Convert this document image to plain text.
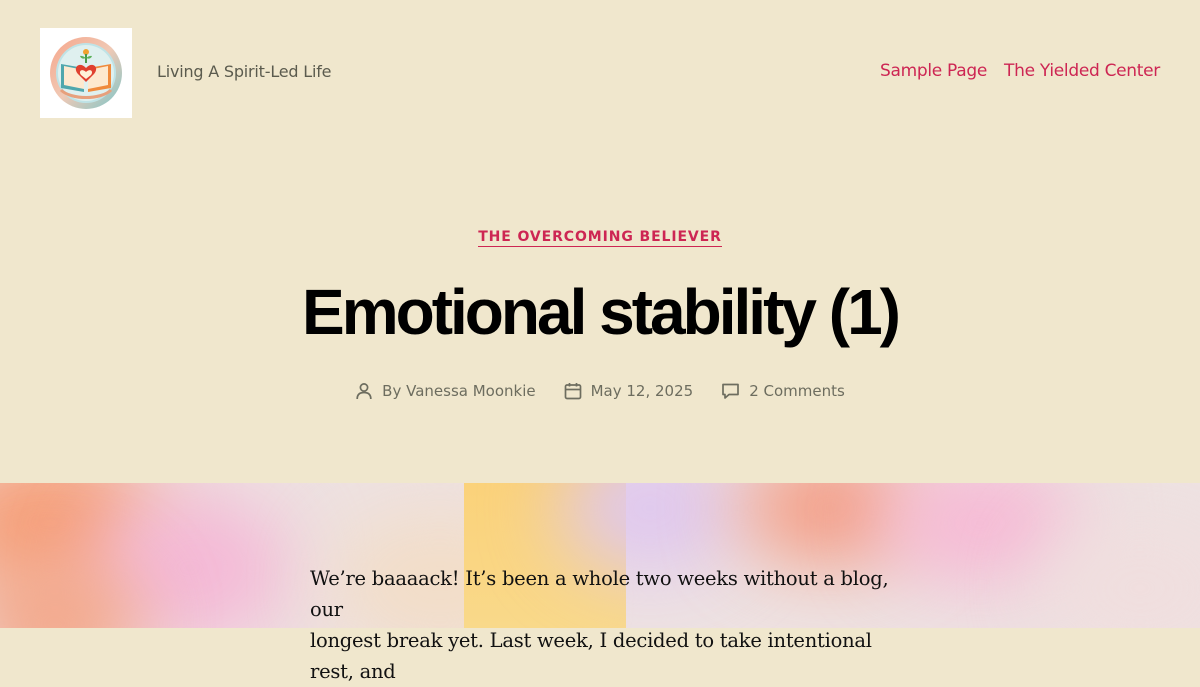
Living A Spirit-Led Life	Sample Page The Yielded Center
THE OVERCOMING BELIEVER
Emotional stability (1)
By Vanessa Moonkie	May 12, 2025	2 Comments

We’re baaaack! It’s been a whole two weeks without a blog, our

longest break yet. Last week, I decided to take intentional rest, and
